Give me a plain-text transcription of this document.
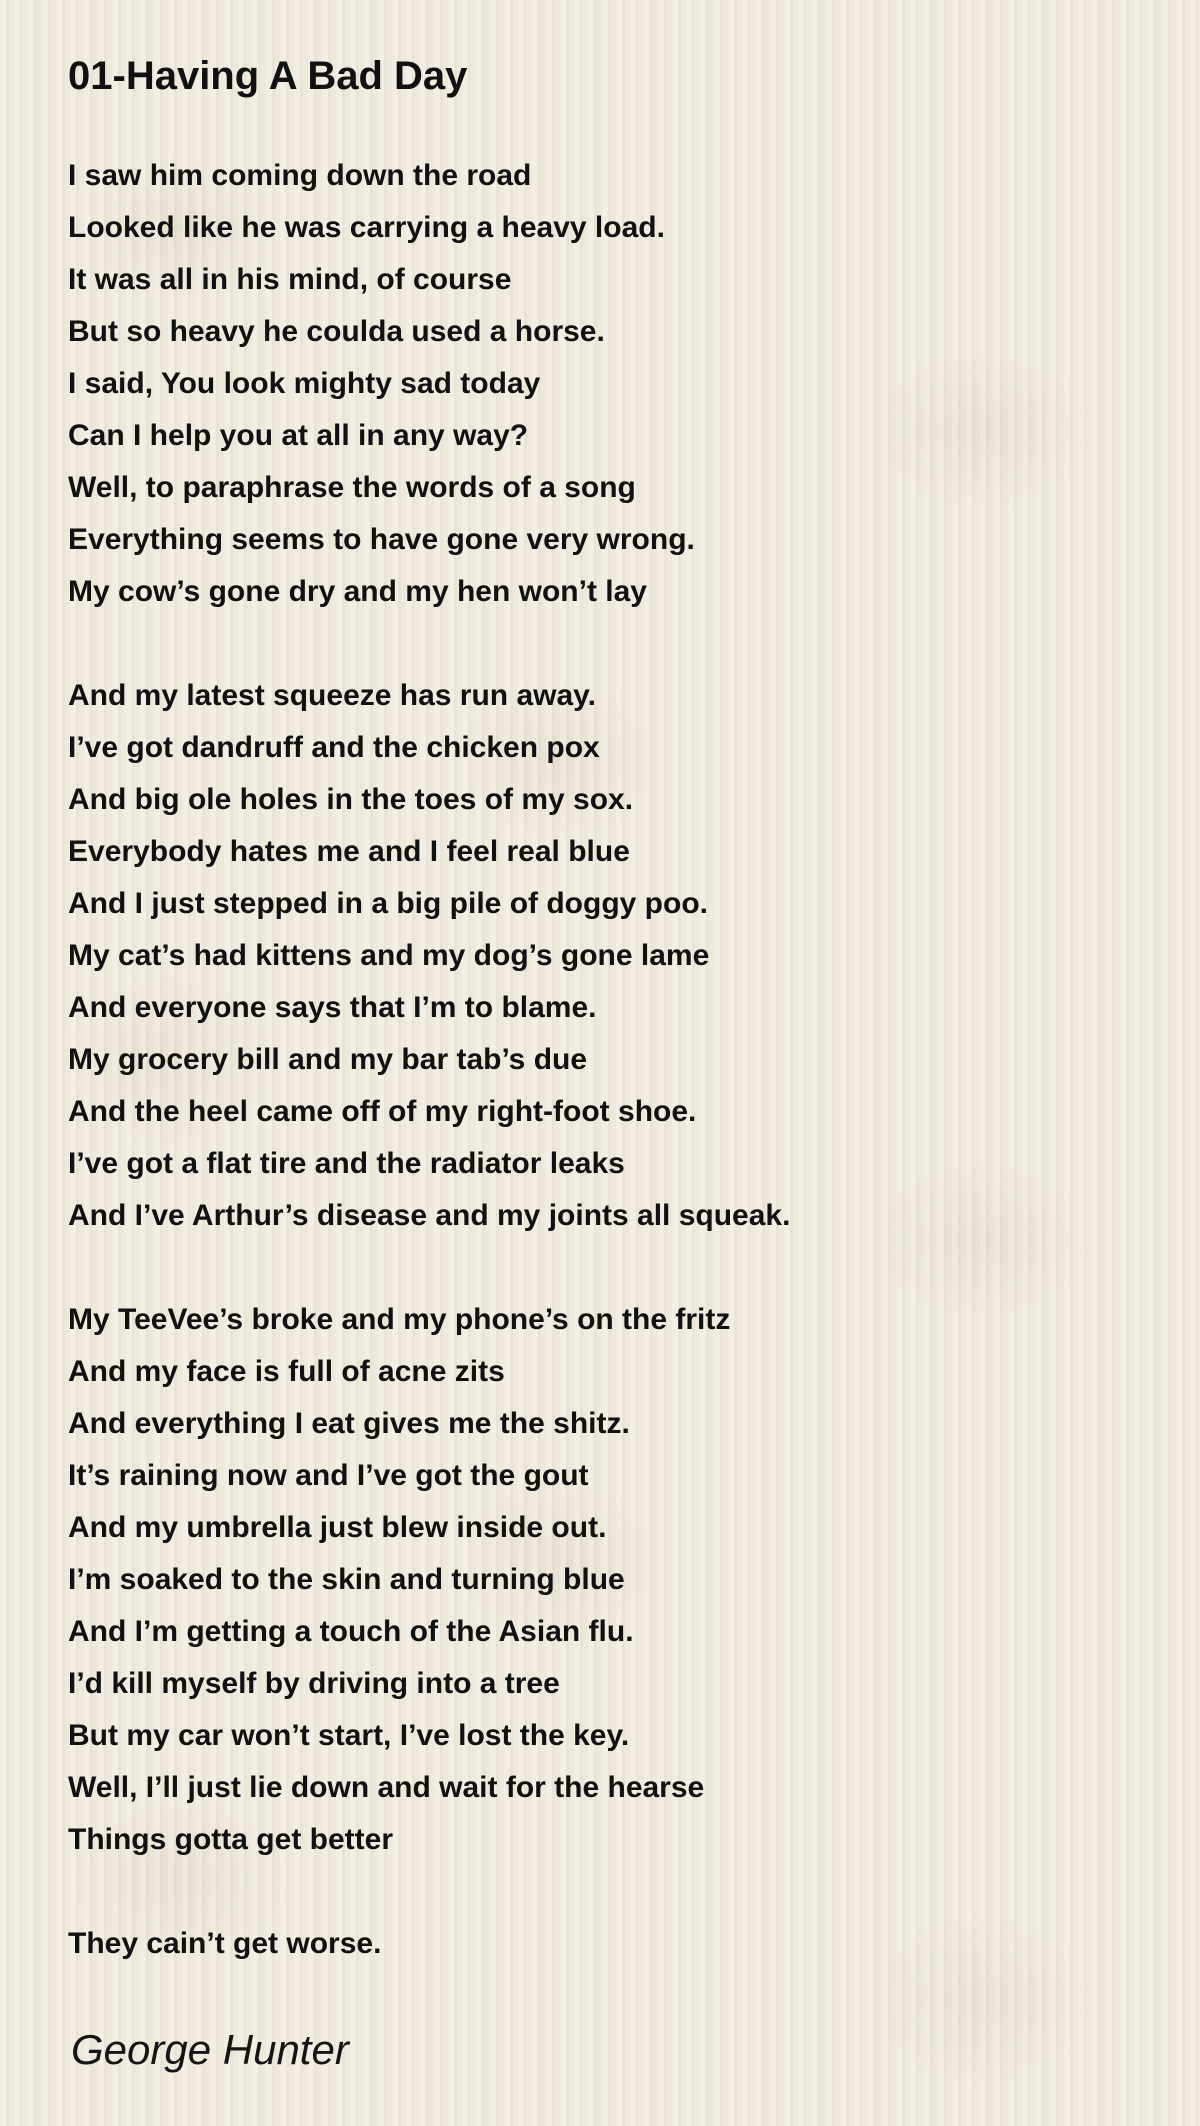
01-Having A Bad Day
I saw him coming down the road
Looked like he was carrying a heavy load.
It was all in his mind, of course
But so heavy he coulda used a horse.
I said, You look mighty sad today
Can I help you at all in any way?
Well, to paraphrase the words of a song
Everything seems to have gone very wrong.
My cow’s gone dry and my hen won’t lay
And my latest squeeze has run away.
I’ve got dandruff and the chicken pox
And big ole holes in the toes of my sox.
Everybody hates me and I feel real blue
And I just stepped in a big pile of doggy poo.
My cat’s had kittens and my dog’s gone lame
And everyone says that I’m to blame.
My grocery bill and my bar tab’s due
And the heel came off of my right-foot shoe.
I’ve got a flat tire and the radiator leaks
And I’ve Arthur’s disease and my joints all squeak.
My TeeVee’s broke and my phone’s on the fritz
And my face is full of acne zits
And everything I eat gives me the shitz.
It’s raining now and I’ve got the gout
And my umbrella just blew inside out.
I’m soaked to the skin and turning blue
And I’m getting a touch of the Asian flu.
I’d kill myself by driving into a tree
But my car won’t start, I’ve lost the key.
Well, I’ll just lie down and wait for the hearse
Things gotta get better
They cain’t get worse.

George Hunter
